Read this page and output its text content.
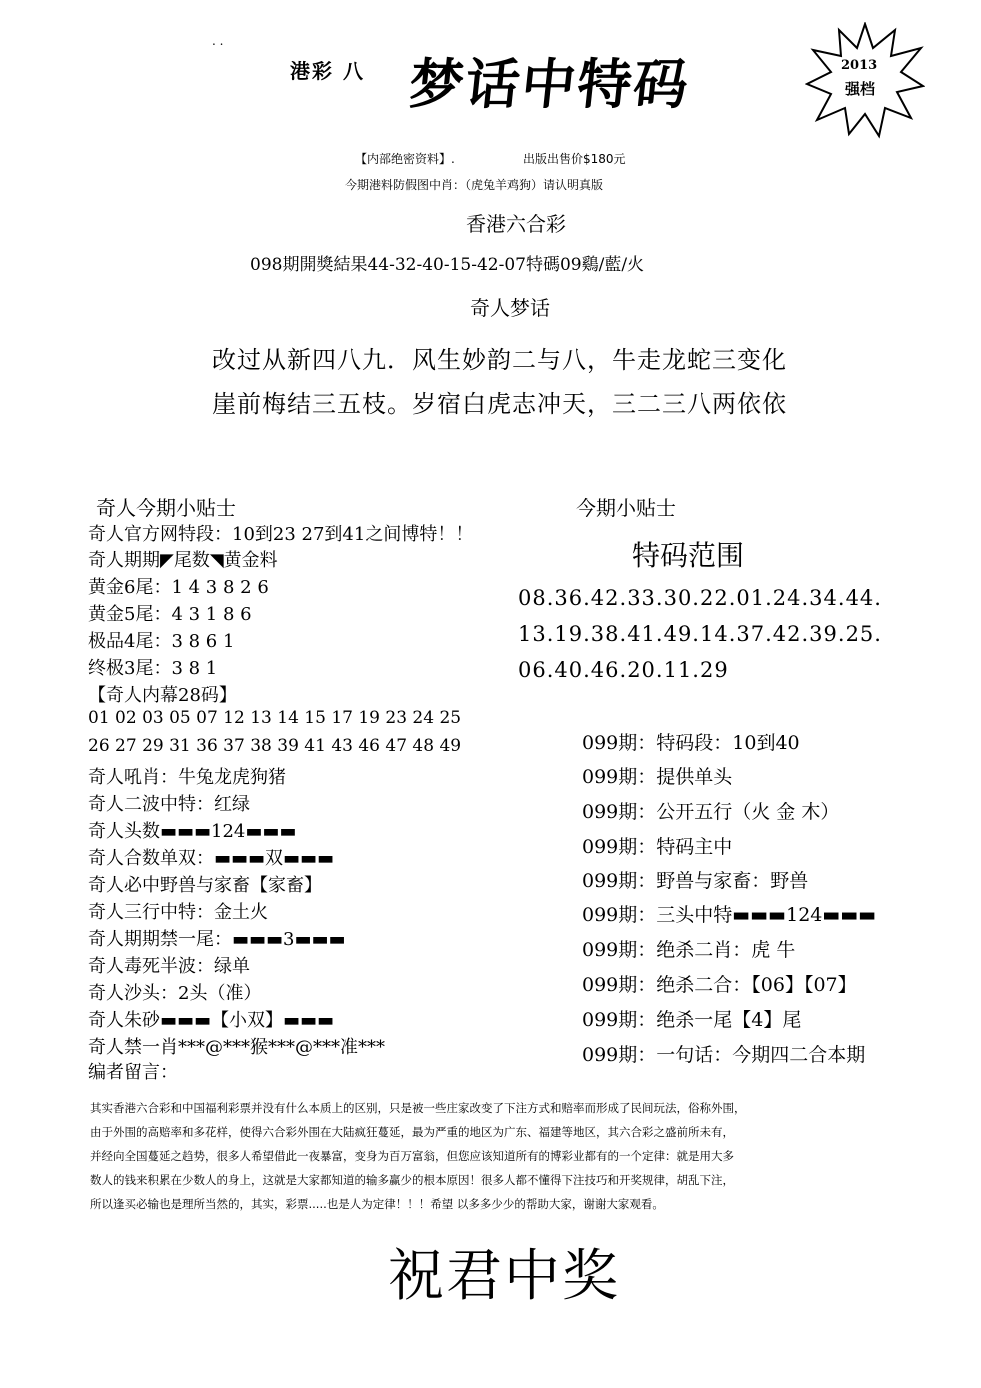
. .
港彩 八 梦话中特码	2013
强档
【内部绝密资料】.	出版出售价$180元
今期港料防假图中肖：（虎兔羊鸡狗）请认明真版
香港六合彩
098期開獎結果44-32-40-15-42-07特碼09鷄/藍/火
奇人梦话
改过从新四八九．风生妙韵二与八，牛走龙蛇三变化
崖前梅结三五枝。岁宿白虎志冲天，三二三八两依依
奇人今期小贴士
奇人官方网特段：10到23 27到41之间博特！！
奇人期期◤尾数◥黄金料
黄金6尾：1 4 3 8 2 6
黄金5尾：4 3 1 8 6
极品4尾：3 8 6 1
终极3尾：3 8 1
【奇人内幕28码】
01 02 03 05 07 12 13 14 15 17 19 23 24 25
26 27 29 31 36 37 38 39 41 43 46 47 48 49
奇人吼肖：牛兔龙虎狗猪
奇人二波中特：红绿
奇人头数▬▬▬124▬▬▬
奇人合数单双：▬▬▬双▬▬▬
奇人必中野兽与家畜【家畜】
奇人三行中特：金土火
奇人期期禁一尾：▬▬▬3▬▬▬
奇人毒死半波：绿单
奇人沙头：2头（准）
奇人朱砂▬▬▬【小双】▬▬▬
奇人禁一肖***@***猴***@***准***
编者留言：
今期小贴士
特码范围
08.36.42.33.30.22.01.24.34.44.
13.19.38.41.49.14.37.42.39.25.
06.40.46.20.11.29
099期：特码段：10到40
099期：提供单头
099期：公开五行（火 金 木）
099期：特码主中
099期：野兽与家畜：野兽
099期：三头中特▬▬▬124▬▬▬
099期：绝杀二肖：虎 牛
099期：绝杀二合：【06】【07】
099期：绝杀一尾【4】尾
099期：一句话：今期四二合本期
其实香港六合彩和中国福利彩票并没有什么本质上的区别，只是被一些庄家改变了下注方式和赔率而形成了民间玩法，俗称外围，
由于外围的高赔率和多花样，使得六合彩外围在大陆疯狂蔓延，最为严重的地区为广东、福建等地区，其六合彩之盛前所未有，
并经向全国蔓延之趋势，很多人希望借此一夜暴富，变身为百万富翁，但您应该知道所有的博彩业都有的一个定律：就是用大多
数人的钱来积累在少数人的身上，这就是大家都知道的输多赢少的根本原因！很多人都不懂得下注技巧和开奖规律，胡乱下注，
所以逢买必输也是理所当然的，其实，彩票.....也是人为定律！！！希望 以多多少少的帮助大家，谢谢大家观看。
祝君中奖
